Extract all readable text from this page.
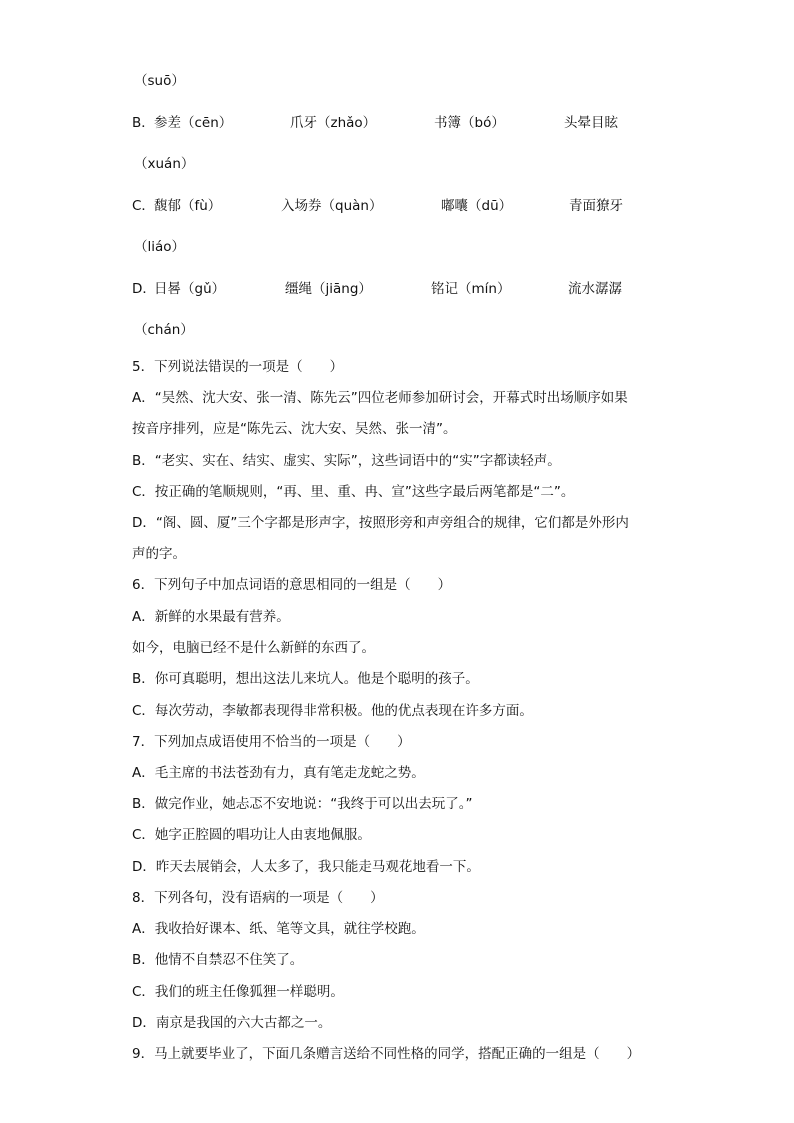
（suō）
B． 参差（cēn）	爪牙（zhǎo）	书簿（bó）	头晕目眩
（xuán）
C． 馥郁（fù）	入场券（quàn）	嘟囔（dū）	青面獠牙
（liáo）
D．
日晷（gǔ）	缰绳（jiāng）	铭记（mín）	流水潺潺
（chán）
5．下列说法错误的一项是（　　）
A．“吴然、沈大安、张一清、陈先云”四位老师参加研讨会，开幕式时出场顺序如果
按音序排列，应是“陈先云、沈大安、吴然、张一清”。
B．“老实、实在、结实、虚实、实际”，这些词语中的“实”字都读轻声。
C．按正确的笔顺规则，“再、里、重、冉、宣”这些字最后两笔都是“二”。
D．“阁、圆、厦”三个字都是形声字，按照形旁和声旁组合的规律，它们都是外形内
声的字。
6．下列句子中加点词语的意思相同的一组是（　　）
A．新鲜的水果最有营养。
如今，电脑已经不是什么新鲜的东西了。
B．你可真聪明，想出这法儿来坑人。他是个聪明的孩子。
C．每次劳动，李敏都表现得非常积极。他的优点表现在许多方面。
7．下列加点成语使用不恰当的一项是（　　）
A．毛主席的书法苍劲有力，真有笔走龙蛇之势。
B．做完作业，她忐忑不安地说：“我终于可以出去玩了。”
C．她字正腔圆的唱功让人由衷地佩服。
D．昨天去展销会，人太多了，我只能走马观花地看一下。
8．下列各句，没有语病的一项是（　　）
A．我收拾好课本、纸、笔等文具，就往学校跑。
B．他情不自禁忍不住笑了。
C．我们的班主任像狐狸一样聪明。
D．南京是我国的六大古都之一。
9．马上就要毕业了，下面几条赠言送给不同性格的同学，搭配正确的一组是（　　）
